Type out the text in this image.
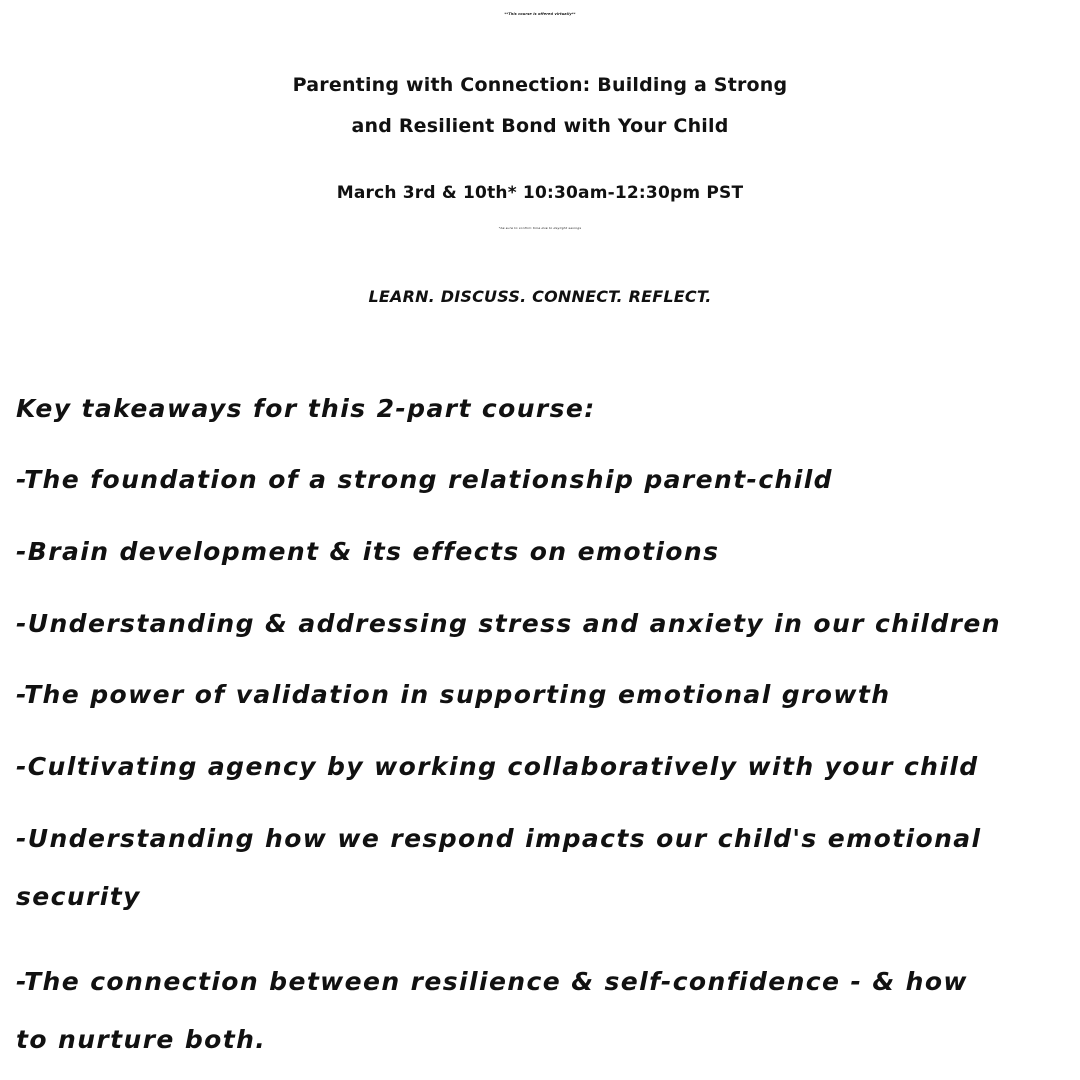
**This course is offered virtually**

Parenting with Connection: Building a Strong
and Resilient Bond with Your Child

March 3rd & 10th* 10:30am-12:30pm PST

*be sure to confirm time due to daylight savings

LEARN. DISCUSS. CONNECT. REFLECT.

Key takeaways for this 2-part course:

-The foundation of a strong relationship parent-child

-Brain development & its effects on emotions

-Understanding & addressing stress and anxiety in our children

-The power of validation in supporting emotional growth

-Cultivating agency by working collaboratively with your child

-Understanding how we respond impacts our child's emotional

security

-The connection between resilience & self-confidence - & how

to nurture both.
